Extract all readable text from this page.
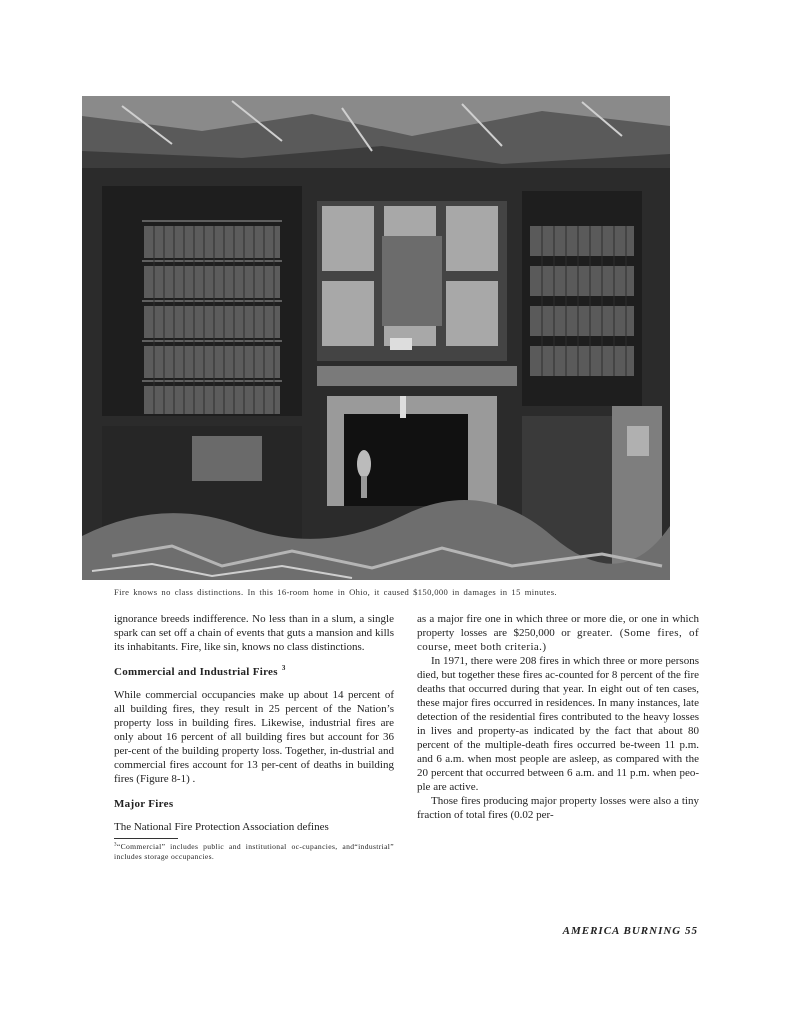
Fire knows no class distinctions. In this 16-room home in Ohio, it caused $150,000 in damages in 15 minutes.

ignorance breeds indifference. No less than in a slum, a single spark can set off a chain of events that guts a mansion and kills its inhabitants. Fire, like sin, knows no class distinctions.

Commercial and Industrial Fires $^3$

While commercial occupancies make up about 14 percent of all building fires, they result in 25 percent of the Nation’s property loss in building fires. Likewise, industrial fires are only about 16 percent of all building fires but account for 36 per-cent of the building property loss. Together, in-dustrial and commercial fires account for 13 per-cent of deaths in building fires (Figure 8-1) .

Major Fires

The National Fire Protection Association defines

$^3$“Commercial” includes public and institutional oc-cupancies, and“industrial” includes storage occupancies.

as a major fire one in which three or more die, or one in which property losses are $250,000 or greater. (Some fires, of course, meet both criteria.)

In 1971, there were 208 fires in which three or more persons died, but together these fires ac-counted for 8 percent of the fire deaths that occurred during that year. In eight out of ten cases, these major fires occurred in residences. In many instances, late detection of the residential fires contributed to the heavy losses in lives and property-as indicated by the fact that about 80 percent of the multiple-death fires occurred be-tween 11 p.m. and 6 a.m. when most people are asleep, as compared with the 20 percent that occurred between 6 a.m. and 11 p.m. when peo-ple are active.

Those fires producing major property losses were also a tiny fraction of total fires (0.02 per-

AMERICA BURNING 55
